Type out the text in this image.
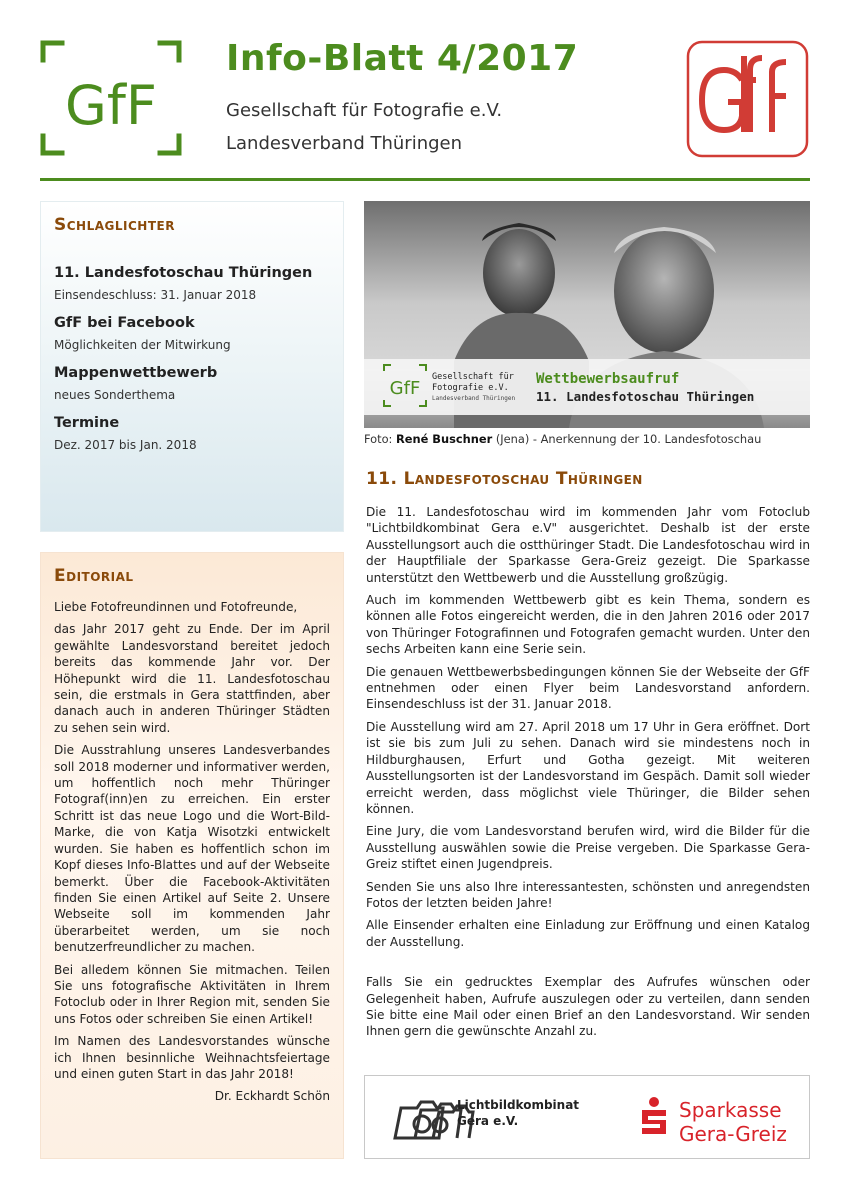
GfF
Info-Blatt 4/2017
Gesellschaft für Fotografie e.V.
Landesverband Thüringen
Schlaglichter
11. Landesfotoschau Thüringen
Einsendeschluss: 31. Januar 2018
GfF bei Facebook
Möglichkeiten der Mitwirkung
Mappenwettbewerb
neues Sonderthema
Termine
Dez. 2017 bis Jan. 2018
Editorial

Liebe Fotofreundinnen und Fotofreunde,

das Jahr 2017 geht zu Ende. Der im April gewählte Landesvorstand bereitet jedoch bereits das kommende Jahr vor. Der Höhepunkt wird die 11. Landesfotoschau sein, die erstmals in Gera stattfinden, aber danach auch in anderen Thüringer Städten zu sehen sein wird.

Die Ausstrahlung unseres Landesverbandes soll 2018 moderner und informativer werden, um hoffentlich noch mehr Thüringer Fotograf(inn)en zu erreichen. Ein erster Schritt ist das neue Logo und die Wort-Bild-Marke, die von Katja Wisotzki entwickelt wurden. Sie haben es hoffentlich schon im Kopf dieses Info-Blattes und auf der Webseite bemerkt. Über die Facebook-Aktivitäten finden Sie einen Artikel auf Seite 2. Unsere Webseite soll im kommenden Jahr überarbeitet werden, um sie noch benutzerfreundlicher zu machen.

Bei alledem können Sie mitmachen. Teilen Sie uns fotografische Aktivitäten in Ihrem Fotoclub oder in Ihrer Region mit, senden Sie uns Fotos oder schreiben Sie einen Artikel!

Im Namen des Landesvorstandes wünsche ich Ihnen besinnliche Weihnachtsfeiertage und einen guten Start in das Jahr 2018!

Dr. Eckhardt Schön
GfF
Gesellschaft für
Fotografie e.V.
Landesverband Thüringen
Wettbewerbsaufruf
11. Landesfotoschau Thüringen
Foto: René Buschner (Jena) - Anerkennung der 10. Landesfotoschau
11. Landesfotoschau Thüringen

Die 11. Landesfotoschau wird im kommenden Jahr vom Fotoclub "Lichtbildkombinat Gera e.V" ausgerichtet. Deshalb ist der erste Ausstellungsort auch die ostthüringer Stadt. Die Landesfotoschau wird in der Hauptfiliale der Sparkasse Gera-Greiz gezeigt. Die Sparkasse unterstützt den Wettbewerb und die Ausstellung großzügig.

Auch im kommenden Wettbewerb gibt es kein Thema, sondern es können alle Fotos eingereicht werden, die in den Jahren 2016 oder 2017 von Thüringer Fotografinnen und Fotografen gemacht wurden. Unter den sechs Arbeiten kann eine Serie sein.

Die genauen Wettbewerbsbedingungen können Sie der Webseite der GfF entnehmen oder einen Flyer beim Landesvorstand anfordern. Einsendeschluss ist der 31. Januar 2018.

Die Ausstellung wird am 27. April 2018 um 17 Uhr in Gera eröffnet. Dort ist sie bis zum Juli zu sehen. Danach wird sie mindestens noch in Hildburghausen, Erfurt und Gotha gezeigt. Mit weiteren Ausstellungsorten ist der Landesvorstand im Gespäch. Damit soll wieder erreicht werden, dass möglichst viele Thüringer, die Bilder sehen können.

Eine Jury, die vom Landesvorstand berufen wird, wird die Bilder für die Ausstellung auswählen sowie die Preise vergeben. Die Sparkasse Gera-Greiz stiftet einen Jugendpreis.

Senden Sie uns also Ihre interessantesten, schönsten und anregendsten Fotos der letzten beiden Jahre!

Alle Einsender erhalten eine Einladung zur Eröffnung und einen Katalog der Ausstellung.

Falls Sie ein gedrucktes Exemplar des Aufrufes wünschen oder Gelegenheit haben, Aufrufe auszulegen oder zu verteilen, dann senden Sie bitte eine Mail oder einen Brief an den Landesvorstand. Wir senden Ihnen gern die gewünschte Anzahl zu.

Lichtbildkombinat
Gera e.V.	Sparkasse
Gera-Greiz
